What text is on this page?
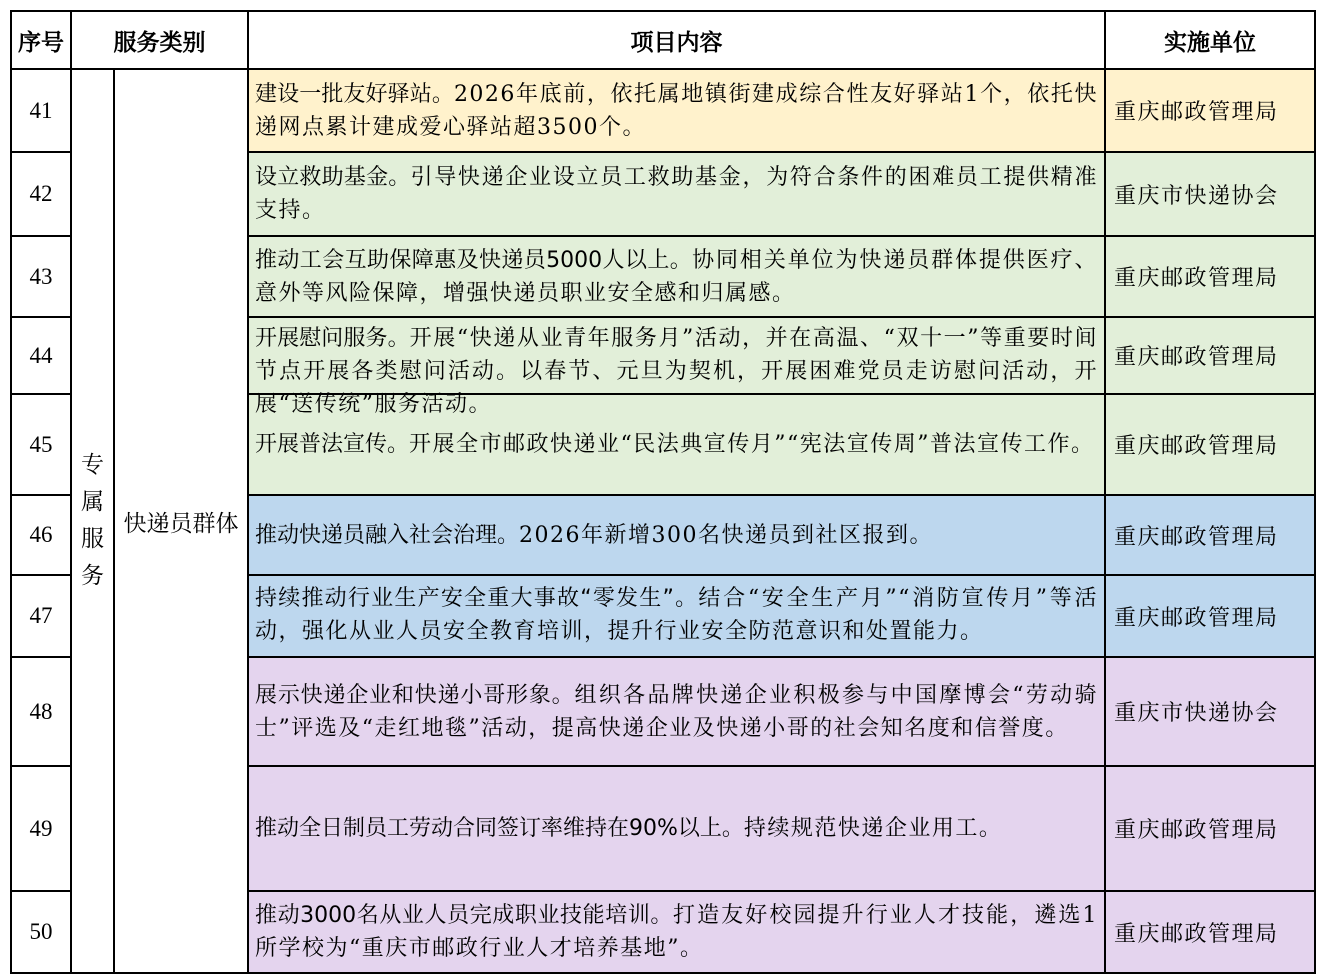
序号	服务类别		项目内容	实施单位
41	专属服务	快递员群体	建设一批友好驿站。2026年底前，依托属地镇街建成综合性友好驿站1个，依托快递网点累计建成爱心驿站超3500个。	重庆邮政管理局
42			设立救助基金。引导快递企业设立员工救助基金，为符合条件的困难员工提供精准支持。	重庆市快递协会
43			推动工会互助保障惠及快递员5000人以上。协同相关单位为快递员群体提供医疗、意外等风险保障，增强快递员职业安全感和归属感。	重庆邮政管理局
44			开展慰问服务。开展“快递从业青年服务月”活动，并在高温、“双十一”等重要时间节点开展各类慰问活动。以春节、元旦为契机，开展困难党员走访慰问活动，开展“送传统”服务活动。	重庆邮政管理局
45			开展普法宣传。开展全市邮政快递业“民法典宣传月”“宪法宣传周”普法宣传工作。	重庆邮政管理局
46			推动快递员融入社会治理。2026年新增300名快递员到社区报到。	重庆邮政管理局
47			持续推动行业生产安全重大事故“零发生”。结合“安全生产月”“消防宣传月”等活动，强化从业人员安全教育培训，提升行业安全防范意识和处置能力。	重庆邮政管理局
48			展示快递企业和快递小哥形象。组织各品牌快递企业积极参与中国摩博会“劳动骑士”评选及“走红地毯”活动，提高快递企业及快递小哥的社会知名度和信誉度。	重庆市快递协会
49			推动全日制员工劳动合同签订率维持在90%以上。持续规范快递企业用工。	重庆邮政管理局
50			推动3000名从业人员完成职业技能培训。打造友好校园提升行业人才技能，遴选1所学校为“重庆市邮政行业人才培养基地”。	重庆邮政管理局
